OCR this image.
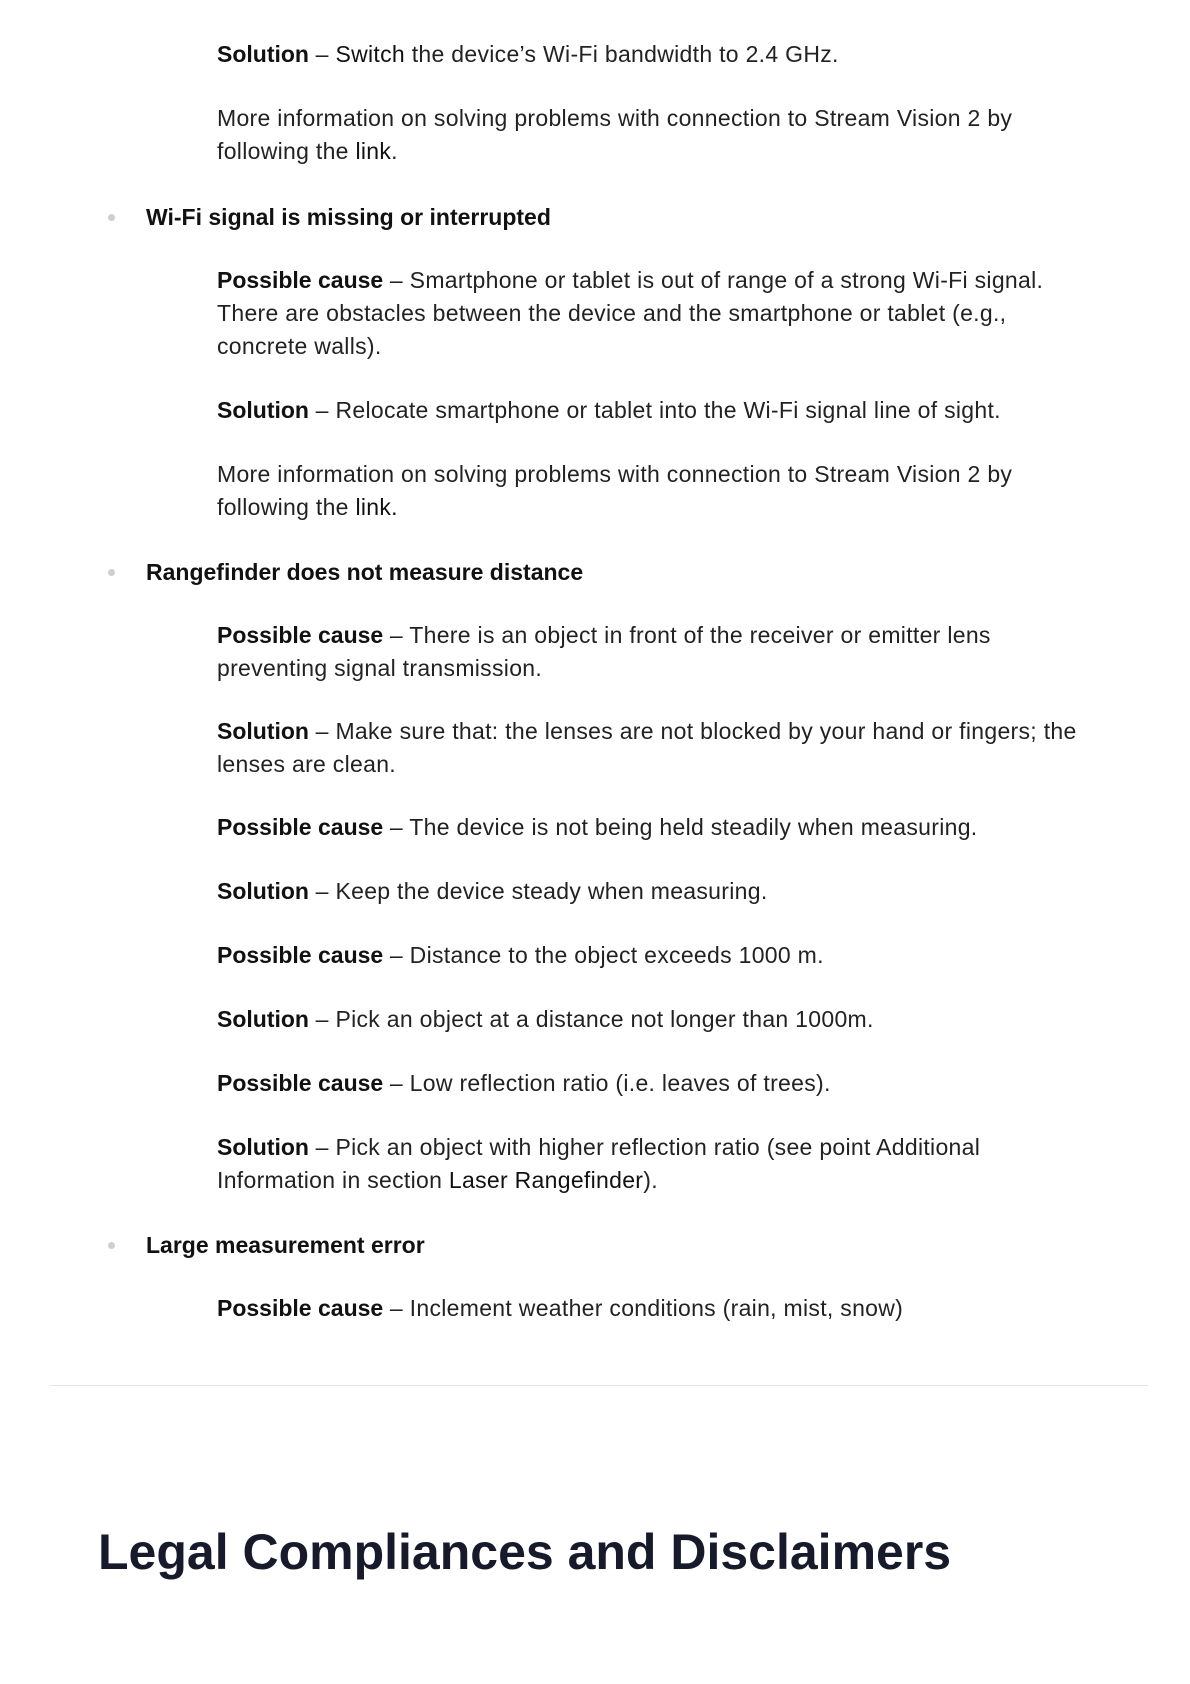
Solution – Switch the device’s Wi-Fi bandwidth to 2.4 GHz.

More information on solving problems with connection to Stream Vision 2 by following the link.

Wi-Fi signal is missing or interrupted

Possible cause – Smartphone or tablet is out of range of a strong Wi-Fi signal. There are obstacles between the device and the smartphone or tablet (e.g., concrete walls).

Solution – Relocate smartphone or tablet into the Wi-Fi signal line of sight.

More information on solving problems with connection to Stream Vision 2 by following the link.

Rangefinder does not measure distance

Possible cause – There is an object in front of the receiver or emitter lens preventing signal transmission.

Solution – Make sure that: the lenses are not blocked by your hand or fingers; the lenses are clean.

Possible cause – The device is not being held steadily when measuring.

Solution – Keep the device steady when measuring.

Possible cause – Distance to the object exceeds 1000 m.

Solution – Pick an object at a distance not longer than 1000m.

Possible cause – Low reflection ratio (i.e. leaves of trees).

Solution – Pick an object with higher reflection ratio (see point Additional Information in section Laser Rangefinder).

Large measurement error

Possible cause – Inclement weather conditions (rain, mist, snow)

Legal Compliances and Disclaimers
